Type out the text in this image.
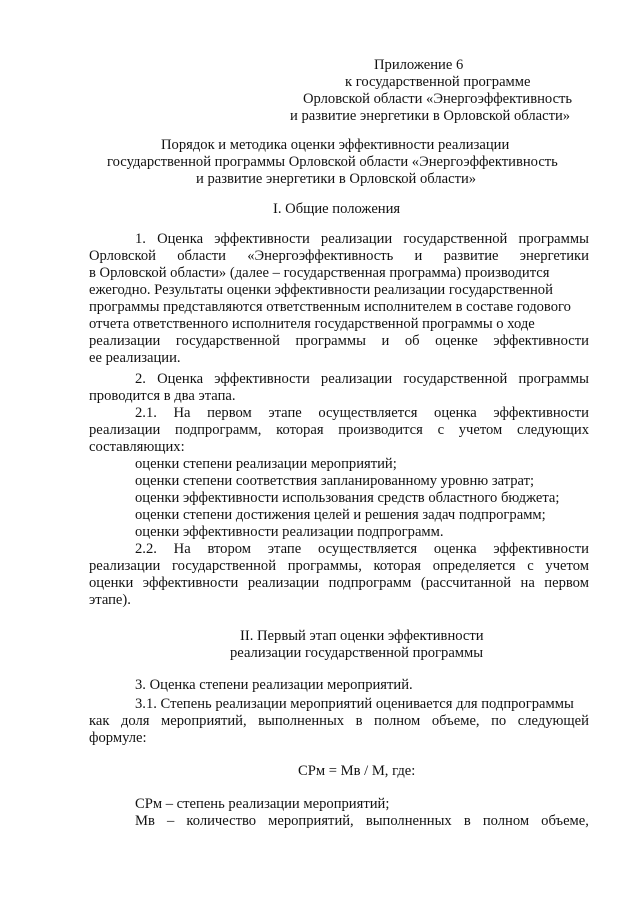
Приложение 6
к государственной программе
Орловской области «Энергоэффективность
и развитие энергетики в Орловской области»
Порядок и методика оценки эффективности реализации
государственной программы Орловской области «Энергоэффективность
и развитие энергетики в Орловской области»
I. Общие положения
1. Оценка эффективности реализации государственной программы
Орловской области «Энергоэффективность и развитие энергетики
в Орловской области» (далее – государственная программа) производится
ежегодно. Результаты оценки эффективности реализации государственной
программы представляются ответственным исполнителем в составе годового
отчета ответственного исполнителя государственной программы о ходе
реализации государственной программы и об оценке эффективности
ее реализации.
2. Оценка эффективности реализации государственной программы
проводится в два этапа.
2.1. На первом этапе осуществляется оценка эффективности
реализации подпрограмм, которая производится с учетом следующих
составляющих:
оценки степени реализации мероприятий;
оценки степени соответствия запланированному уровню затрат;
оценки эффективности использования средств областного бюджета;
оценки степени достижения целей и решения задач подпрограмм;
оценки эффективности реализации подпрограмм.
2.2. На втором этапе осуществляется оценка эффективности
реализации государственной программы, которая определяется с учетом
оценки эффективности реализации подпрограмм (рассчитанной на первом
этапе).
II. Первый этап оценки эффективности
реализации государственной программы
3. Оценка степени реализации мероприятий.
3.1. Степень реализации мероприятий оценивается для подпрограммы
как доля мероприятий, выполненных в полном объеме, по следующей
формуле:
СРм = Мв / М, где:
СРм – степень реализации мероприятий;
Мв – количество мероприятий, выполненных в полном объеме,
